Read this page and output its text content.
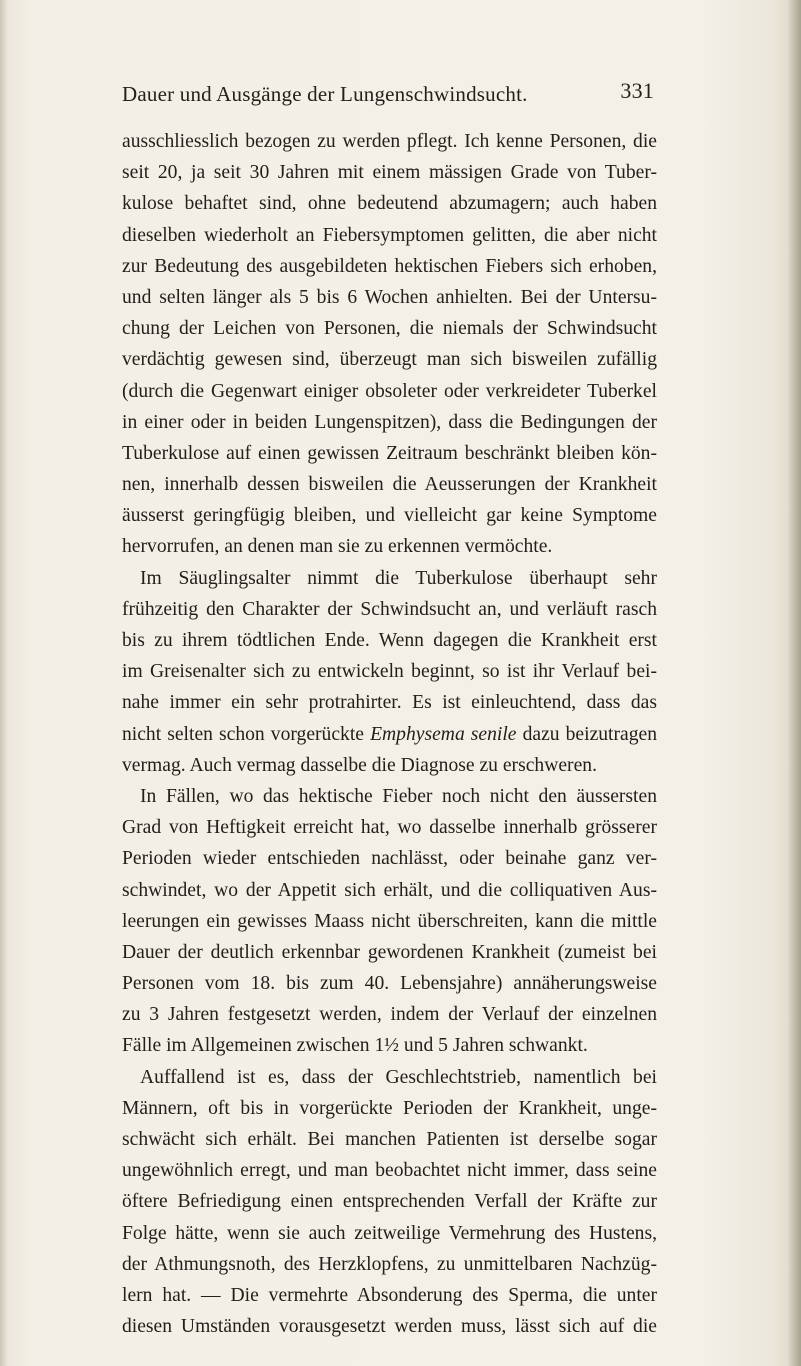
Dauer und Ausgänge der Lungenschwindsucht.	331
ausschliesslich bezogen zu werden pflegt. Ich kenne Personen, die
seit 20, ja seit 30 Jahren mit einem mässigen Grade von Tuber-
kulose behaftet sind, ohne bedeutend abzumagern; auch haben
dieselben wiederholt an Fiebersymptomen gelitten, die aber nicht
zur Bedeutung des ausgebildeten hektischen Fiebers sich erhoben,
und selten länger als 5 bis 6 Wochen anhielten. Bei der Untersu-
chung der Leichen von Personen, die niemals der Schwindsucht
verdächtig gewesen sind, überzeugt man sich bisweilen zufällig
(durch die Gegenwart einiger obsoleter oder verkreideter Tuberkel
in einer oder in beiden Lungenspitzen), dass die Bedingungen der
Tuberkulose auf einen gewissen Zeitraum beschränkt bleiben kön-
nen, innerhalb dessen bisweilen die Aeusserungen der Krankheit
äusserst geringfügig bleiben, und vielleicht gar keine Symptome
hervorrufen, an denen man sie zu erkennen vermöchte.
Im Säuglingsalter nimmt die Tuberkulose überhaupt sehr
frühzeitig den Charakter der Schwindsucht an, und verläuft rasch
bis zu ihrem tödtlichen Ende. Wenn dagegen die Krankheit erst
im Greisenalter sich zu entwickeln beginnt, so ist ihr Verlauf bei-
nahe immer ein sehr protrahirter. Es ist einleuchtend, dass das
nicht selten schon vorgerückte Emphysema senile dazu beizutragen
vermag. Auch vermag dasselbe die Diagnose zu erschweren.
In Fällen, wo das hektische Fieber noch nicht den äussersten
Grad von Heftigkeit erreicht hat, wo dasselbe innerhalb grösserer
Perioden wieder entschieden nachlässt, oder beinahe ganz ver-
schwindet, wo der Appetit sich erhält, und die colliquativen Aus-
leerungen ein gewisses Maass nicht überschreiten, kann die mittle
Dauer der deutlich erkennbar gewordenen Krankheit (zumeist bei
Personen vom 18. bis zum 40. Lebensjahre) annäherungsweise
zu 3 Jahren festgesetzt werden, indem der Verlauf der einzelnen
Fälle im Allgemeinen zwischen 1½ und 5 Jahren schwankt.
Auffallend ist es, dass der Geschlechtstrieb, namentlich bei
Männern, oft bis in vorgerückte Perioden der Krankheit, unge-
schwächt sich erhält. Bei manchen Patienten ist derselbe sogar
ungewöhnlich erregt, und man beobachtet nicht immer, dass seine
öftere Befriedigung einen entsprechenden Verfall der Kräfte zur
Folge hätte, wenn sie auch zeitweilige Vermehrung des Hustens,
der Athmungsnoth, des Herzklopfens, zu unmittelbaren Nachzüg-
lern hat. — Die vermehrte Absonderung des Sperma, die unter
diesen Umständen vorausgesetzt werden muss, lässt sich auf die
